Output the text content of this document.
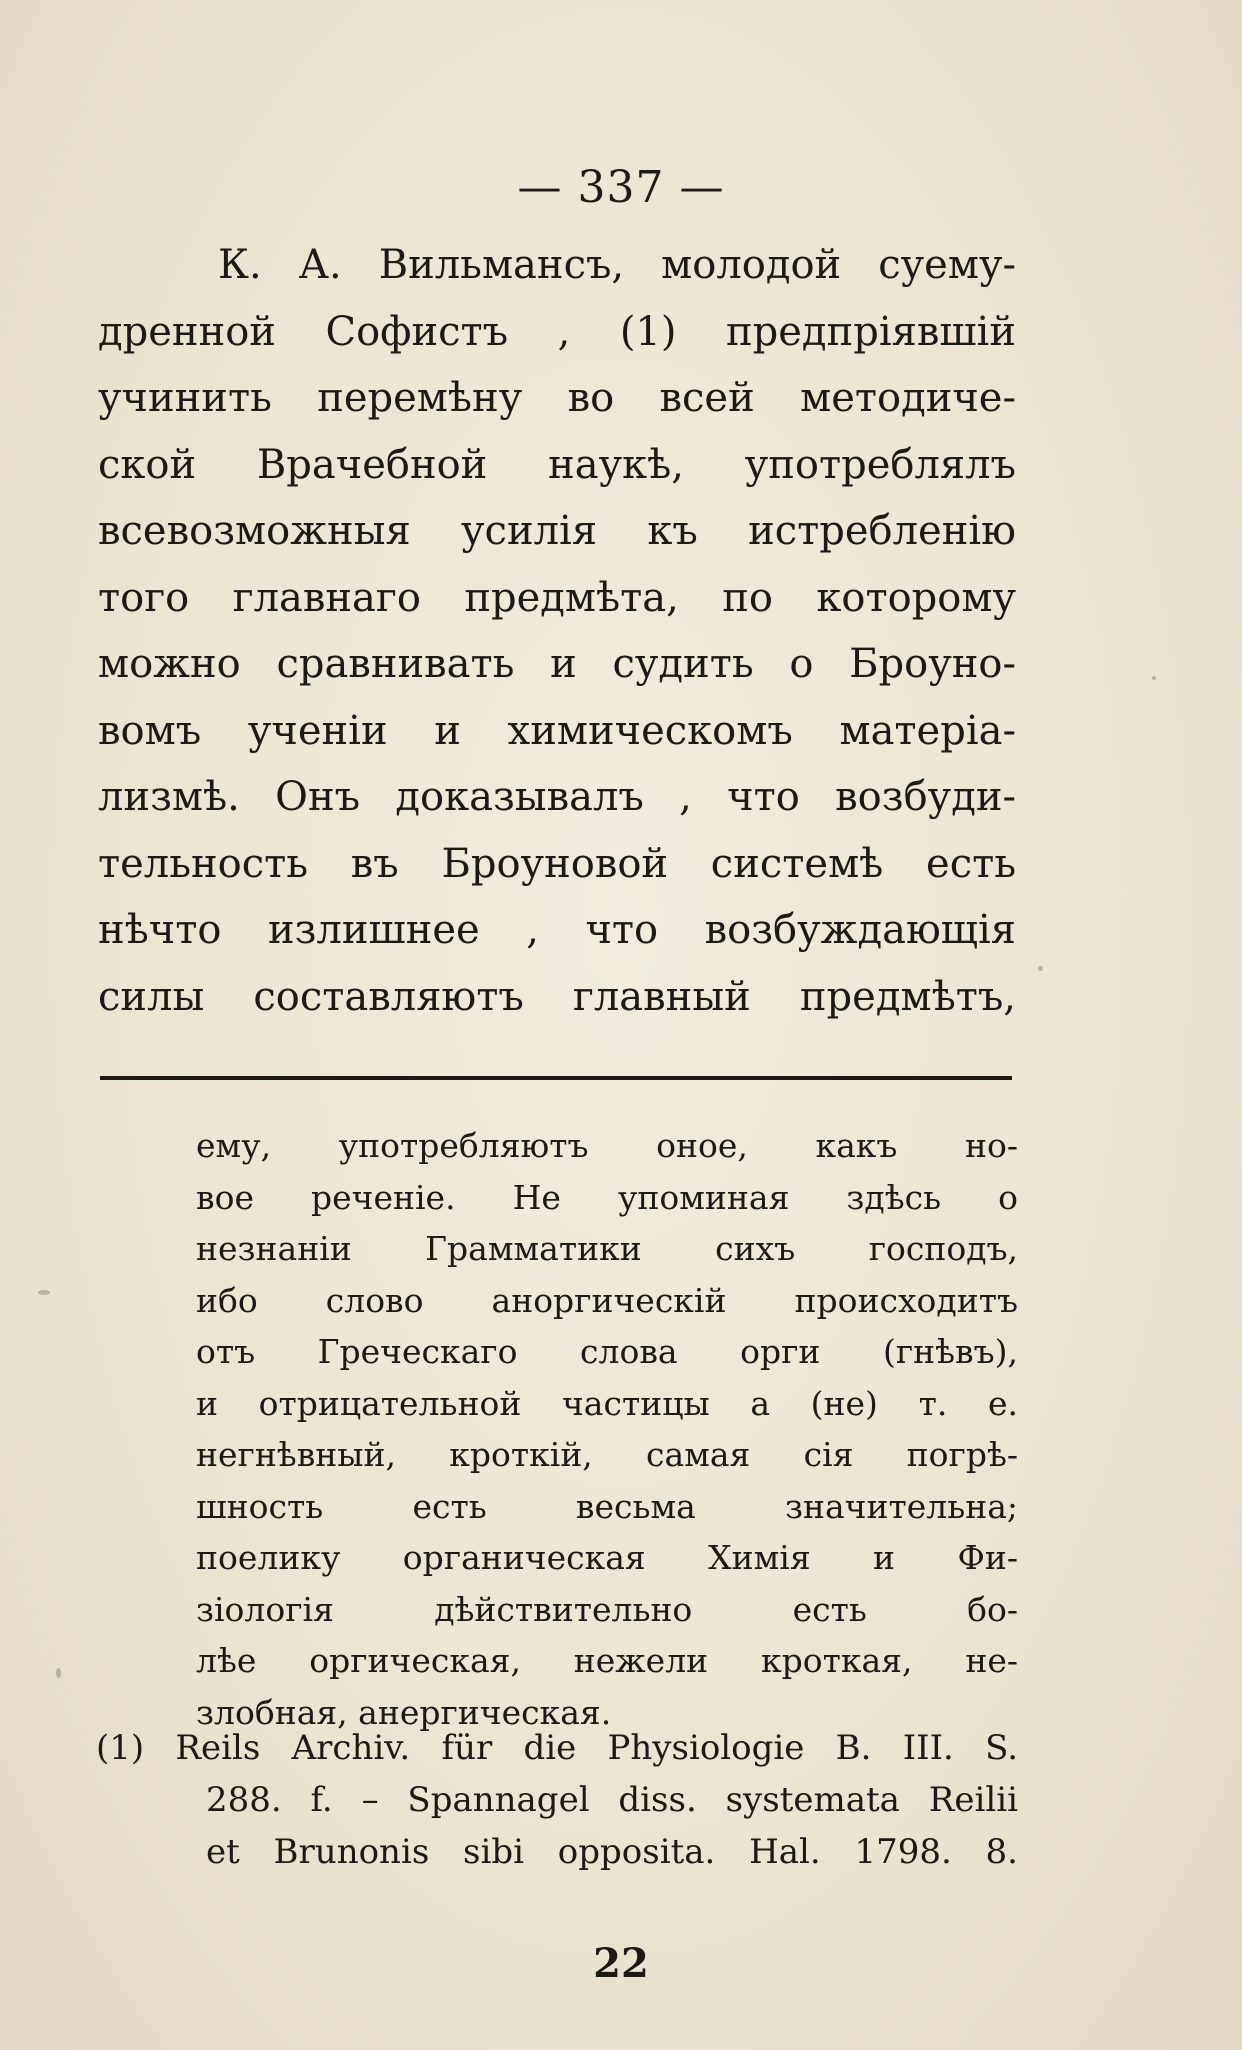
— 337 —
К. А. Вильмансъ, молодой суему-
дренной Софистъ , (1) предпріявшій
учинить перемѣну во всей методиче-
ской Врачебной наукѣ, употреблялъ
всевозможныя усилія къ истребленію
того главнаго предмѣта, по которому
можно сравнивать и судить о Броуно-
вомъ ученіи и химическомъ матеріа-
лизмѣ. Онъ доказывалъ , что возбуди-
тельность въ Броуновой системѣ есть
нѣчто излишнее , что возбуждающія
силы составляютъ главный предмѣтъ,
ему, употребляютъ оное, какъ но-
вое реченіе. Не упоминая здѣсь о
незнаніи Грамматики сихъ господъ,
ибо слово аноргическій происходитъ
отъ Греческаго слова орги (гнѣвъ),
и отрицательной частицы а (не) т. е.
негнѣвный, кроткій, самая сія погрѣ-
шность есть весьма значительна;
поелику органическая Химія и Фи-
зіологія дѣйствительно есть бо-
лѣе оргическая, нежели кроткая, не-
злобная, анергическая.
(1) Reils Archiv. für die Physiologie B. III. S.
288. f. – Spannagel diss. systemata Reilii
et Brunonis sibi opposita. Hal. 1798. 8.
22
